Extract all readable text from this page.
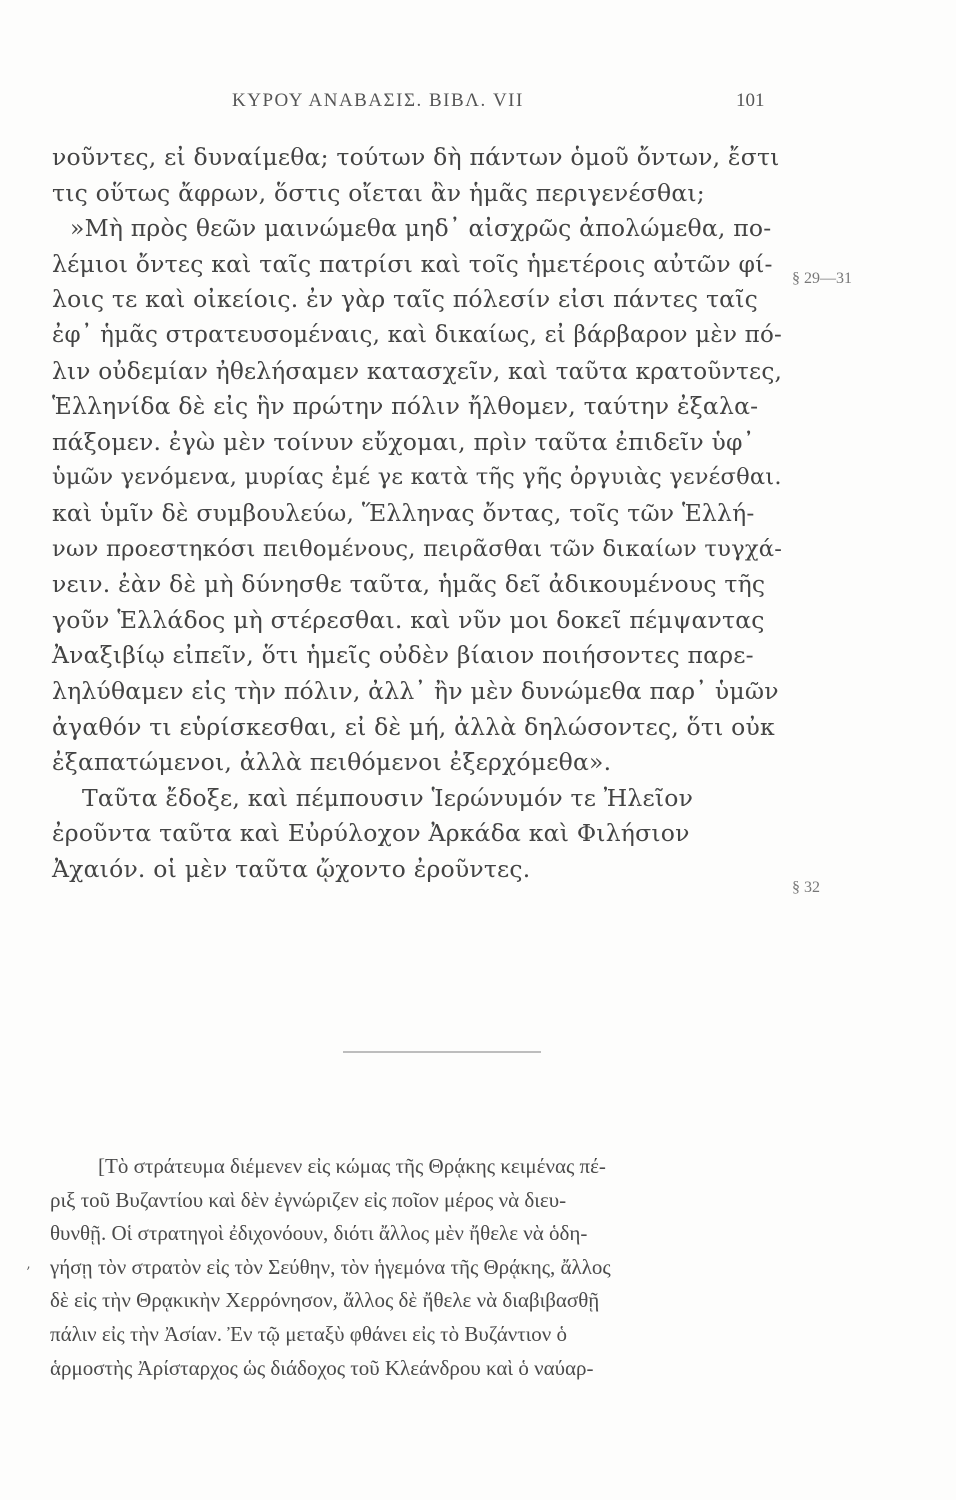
ΚΥΡΟΥ ΑΝΑΒΑΣΙΣ. ΒΙΒΛ. VII	101
νοῦντες, εἰ δυναίμεθα; τούτων δὴ πάντων ὁμοῦ ὄντων, ἔστι
τις οὕτως ἄφρων, ὅστις οἴεται ἂν ἡμᾶς περιγενέσθαι;
»Μὴ πρὸς θεῶν μαινώμεθα μηδ᾽ αἰσχρῶς ἀπολώμεθα, πο-
λέμιοι ὄντες καὶ ταῖς πατρίσι καὶ τοῖς ἡμετέροις αὐτῶν φί-
λοις τε καὶ οἰκείοις. ἐν γὰρ ταῖς πόλεσίν εἰσι πάντες ταῖς
ἐφ᾽ ἡμᾶς στρατευσομέναις, καὶ δικαίως, εἰ βάρβαρον μὲν πό-
λιν οὐδεμίαν ἠθελήσαμεν κατασχεῖν, καὶ ταῦτα κρατοῦντες,
Ἑλληνίδα δὲ εἰς ἣν πρώτην πόλιν ἤλθομεν, ταύτην ἐξαλα-
πάξομεν. ἐγὼ μὲν τοίνυν εὔχομαι, πρὶν ταῦτα ἐπιδεῖν ὑφ᾽
ὑμῶν γενόμενα, μυρίας ἐμέ γε κατὰ τῆς γῆς ὀργυιὰς γενέσθαι.
καὶ ὑμῖν δὲ συμβουλεύω, Ἕλληνας ὄντας, τοῖς τῶν Ἑλλή-
νων προεστηκόσι πειθομένους, πειρᾶσθαι τῶν δικαίων τυγχά-
νειν. ἐὰν δὲ μὴ δύνησθε ταῦτα, ἡμᾶς δεῖ ἀδικουμένους τῆς
γοῦν Ἑλλάδος μὴ στέρεσθαι. καὶ νῦν μοι δοκεῖ πέμψαντας
Ἀναξιβίῳ εἰπεῖν, ὅτι ἡμεῖς οὐδὲν βίαιον ποιήσοντες παρε-
ληλύθαμεν εἰς τὴν πόλιν, ἀλλ᾽ ἢν μὲν δυνώμεθα παρ᾽ ὑμῶν
ἀγαθόν τι εὑρίσκεσθαι, εἰ δὲ μή, ἀλλὰ δηλώσοντες, ὅτι οὐκ
ἐξαπατώμενοι, ἀλλὰ πειθόμενοι ἐξερχόμεθα».
Ταῦτα ἔδοξε, καὶ πέμπουσιν Ἱερώνυμόν τε Ἠλεῖον
ἐροῦντα ταῦτα καὶ Εὐρύλοχον Ἀρκάδα καὶ Φιλήσιον
Ἀχαιόν. οἱ μὲν ταῦτα ᾤχοντο ἐροῦντες.
§ 29—31
§ 32
’
[Τὸ στράτευμα διέμενεν εἰς κώμας τῆς Θρᾴκης κειμένας πέ-
ριξ τοῦ Βυζαντίου καὶ δὲν ἐγνώριζεν εἰς ποῖον μέρος νὰ διευ-
θυνθῇ. Οἱ στρατηγοὶ ἐδιχονόουν, διότι ἄλλος μὲν ἤθελε νὰ ὁδη-
γήσῃ τὸν στρατὸν εἰς τὸν Σεύθην, τὸν ἡγεμόνα τῆς Θρᾴκης, ἄλλος
δὲ εἰς τὴν Θρᾳκικὴν Χερρόνησον, ἄλλος δὲ ἤθελε νὰ διαβιβασθῇ
πάλιν εἰς τὴν Ἀσίαν. Ἐν τῷ μεταξὺ φθάνει εἰς τὸ Βυζάντιον ὁ
ἁρμοστὴς Ἀρίσταρχος ὡς διάδοχος τοῦ Κλεάνδρου καὶ ὁ ναύαρ-
